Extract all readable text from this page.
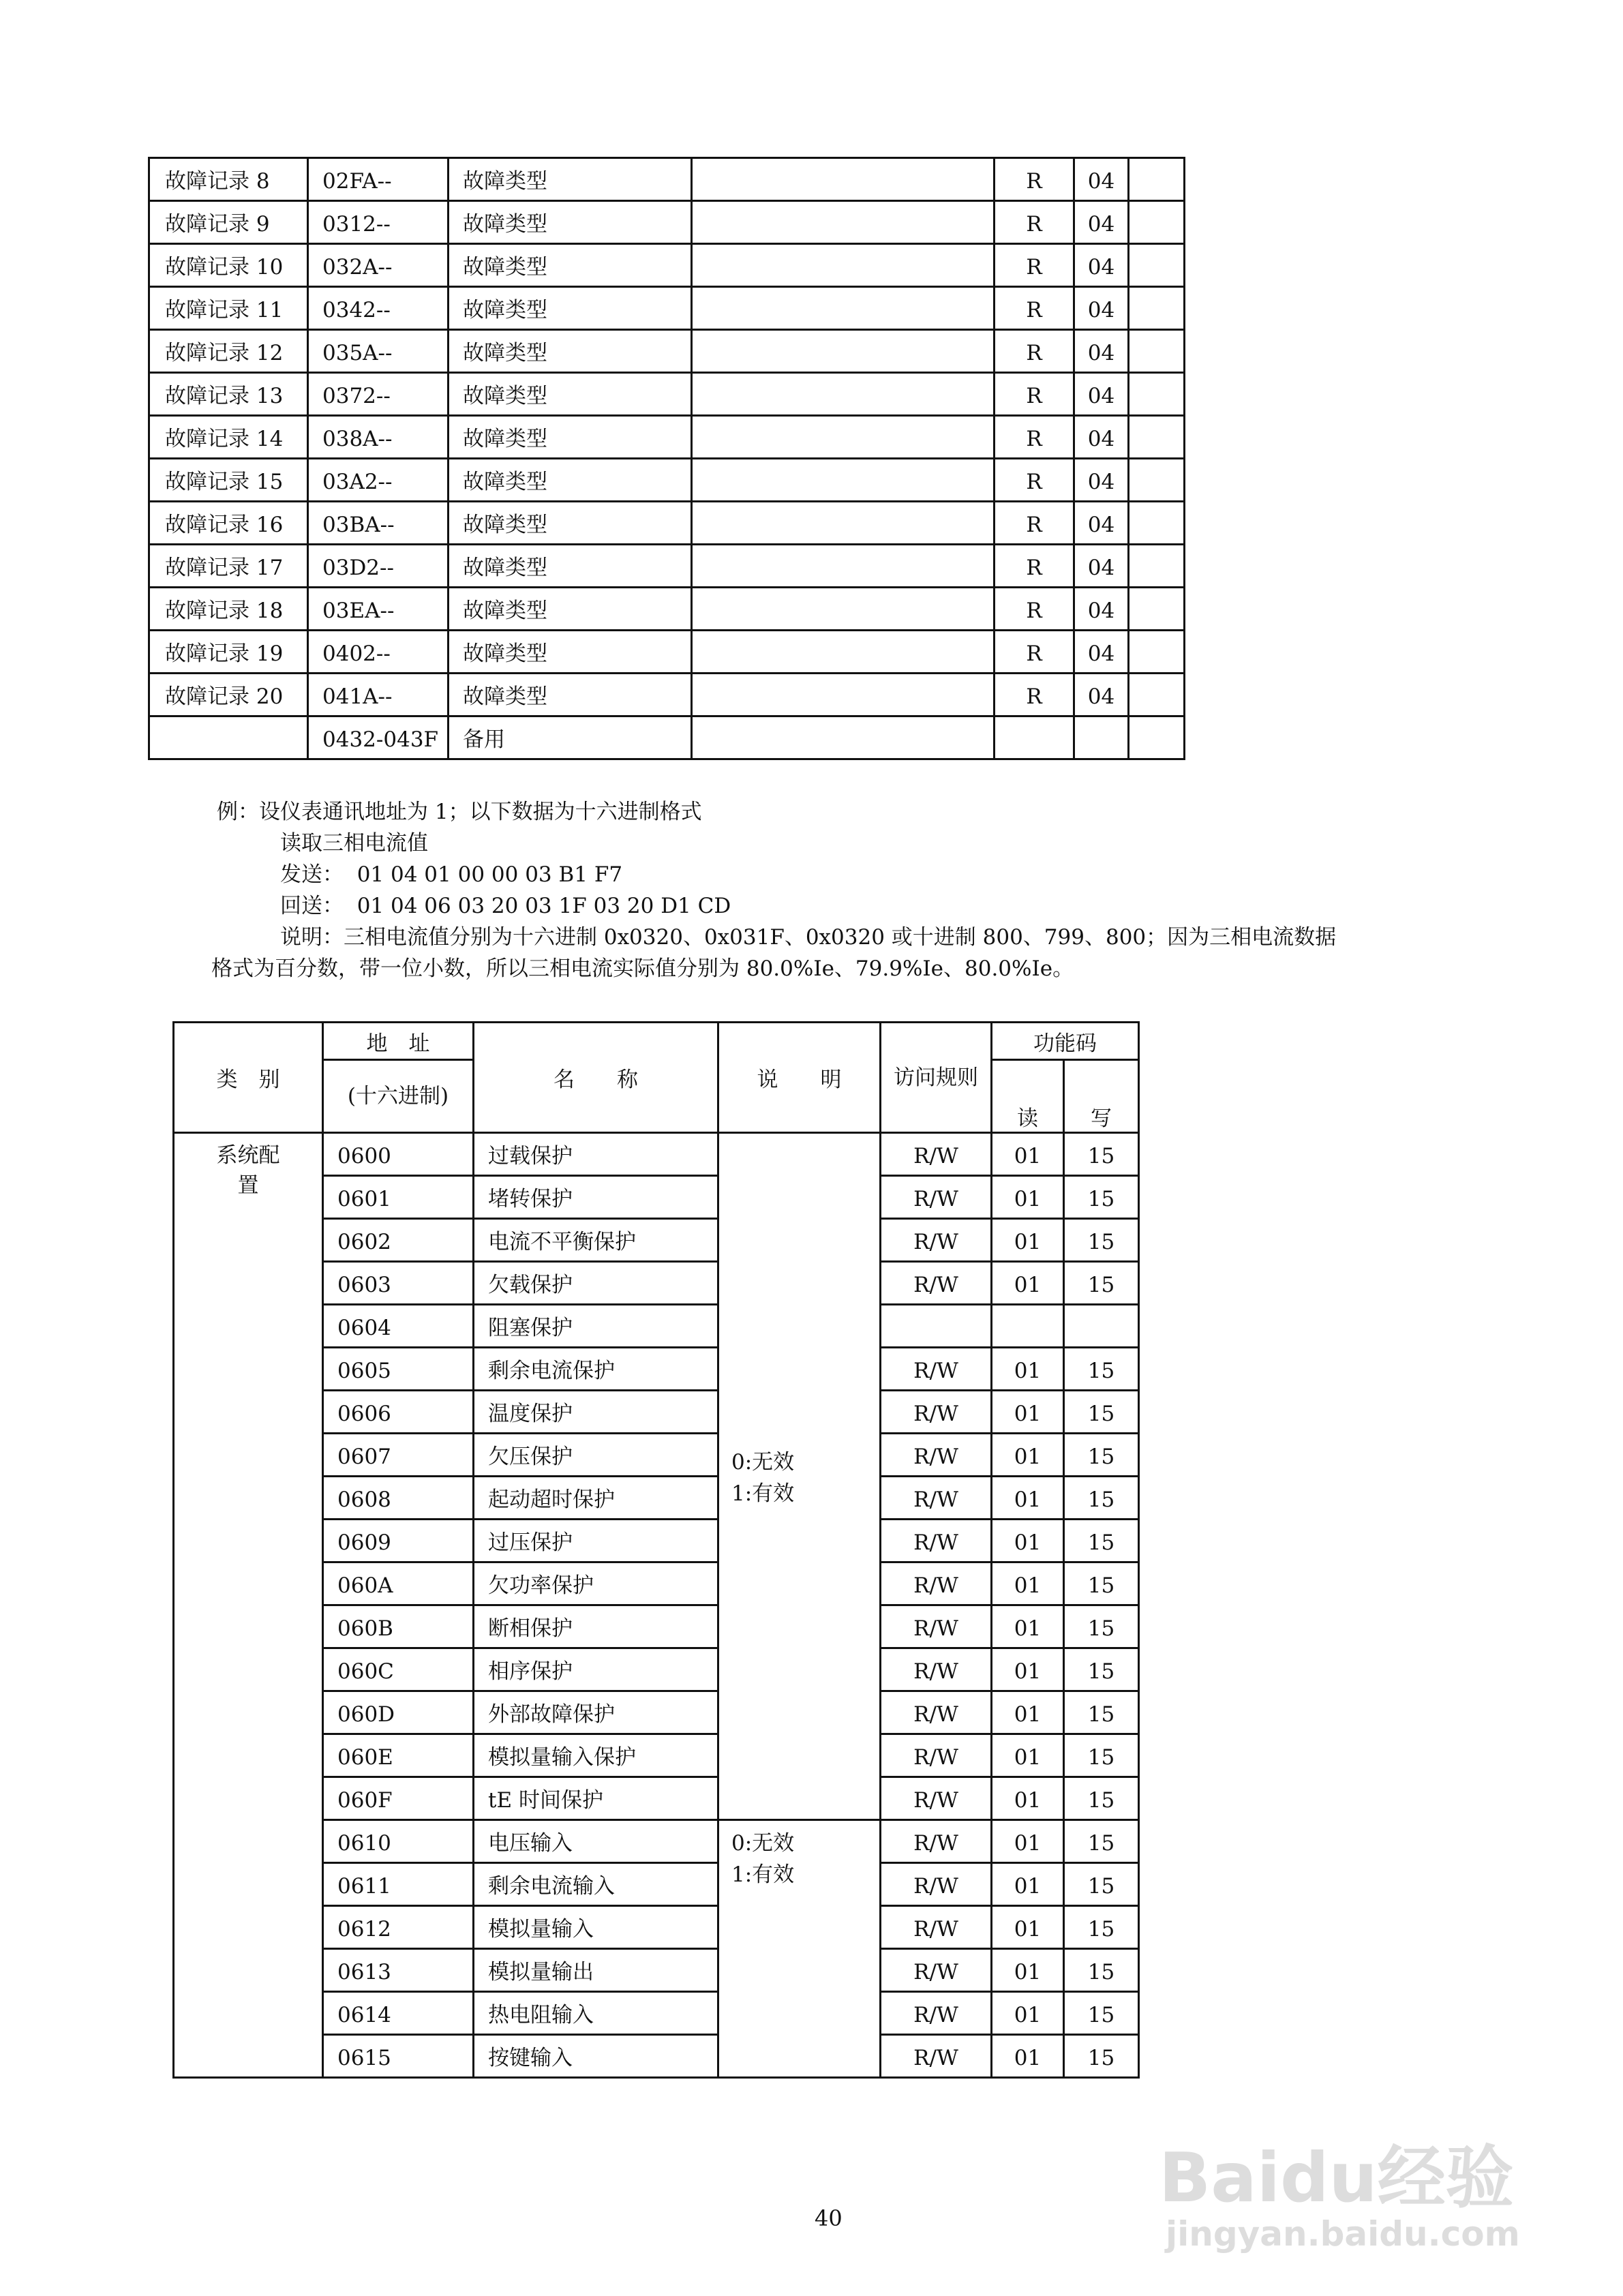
故障记录 8	02FA--	故障类型		R	04	
故障记录 9	0312--	故障类型		R	04	
故障记录 10	032A--	故障类型		R	04	
故障记录 11	0342--	故障类型		R	04	
故障记录 12	035A--	故障类型		R	04	
故障记录 13	0372--	故障类型		R	04	
故障记录 14	038A--	故障类型		R	04	
故障记录 15	03A2--	故障类型		R	04	
故障记录 16	03BA--	故障类型		R	04	
故障记录 17	03D2--	故障类型		R	04	
故障记录 18	03EA--	故障类型		R	04	
故障记录 19	0402--	故障类型		R	04	
故障记录 20	041A--	故障类型		R	04	
	0432-043F	备用				
例：设仪表通讯地址为 1；以下数据为十六进制格式
读取三相电流值
发送：  01 04 01 00 00 03 B1 F7
回送：  01 04 06 03 20 03 1F 03 20 D1 CD
说明：三相电流值分别为十六进制 0x0320、0x031F、0x0320 或十进制 800、799、800；因为三相电流数据
格式为百分数，带一位小数，所以三相电流实际值分别为 80.0%Ie、79.9%Ie、80.0%Ie。
类　别	地　址	名　　称	说　　明	访问规则	功能码	
	(十六进制)				读	写
系统配置	0600	过载保护	0:无效
1:有效	R/W	01	15
	0601	堵转保护		R/W	01	15
	0602	电流不平衡保护		R/W	01	15
	0603	欠载保护		R/W	01	15
	0604	阻塞保护				
	0605	剩余电流保护		R/W	01	15
	0606	温度保护		R/W	01	15
	0607	欠压保护		R/W	01	15
	0608	起动超时保护		R/W	01	15
	0609	过压保护		R/W	01	15
	060A	欠功率保护		R/W	01	15
	060B	断相保护		R/W	01	15
	060C	相序保护		R/W	01	15
	060D	外部故障保护		R/W	01	15
	060E	模拟量输入保护		R/W	01	15
	060F	tE 时间保护		R/W	01	15
	0610	电压输入	0:无效
1:有效	R/W	01	15
	0611	剩余电流输入		R/W	01	15
	0612	模拟量输入		R/W	01	15
	0613	模拟量输出		R/W	01	15
	0614	热电阻输入		R/W	01	15
	0615	按键输入		R/W	01	15
40
Baidu经验
jingyan.baidu.com
